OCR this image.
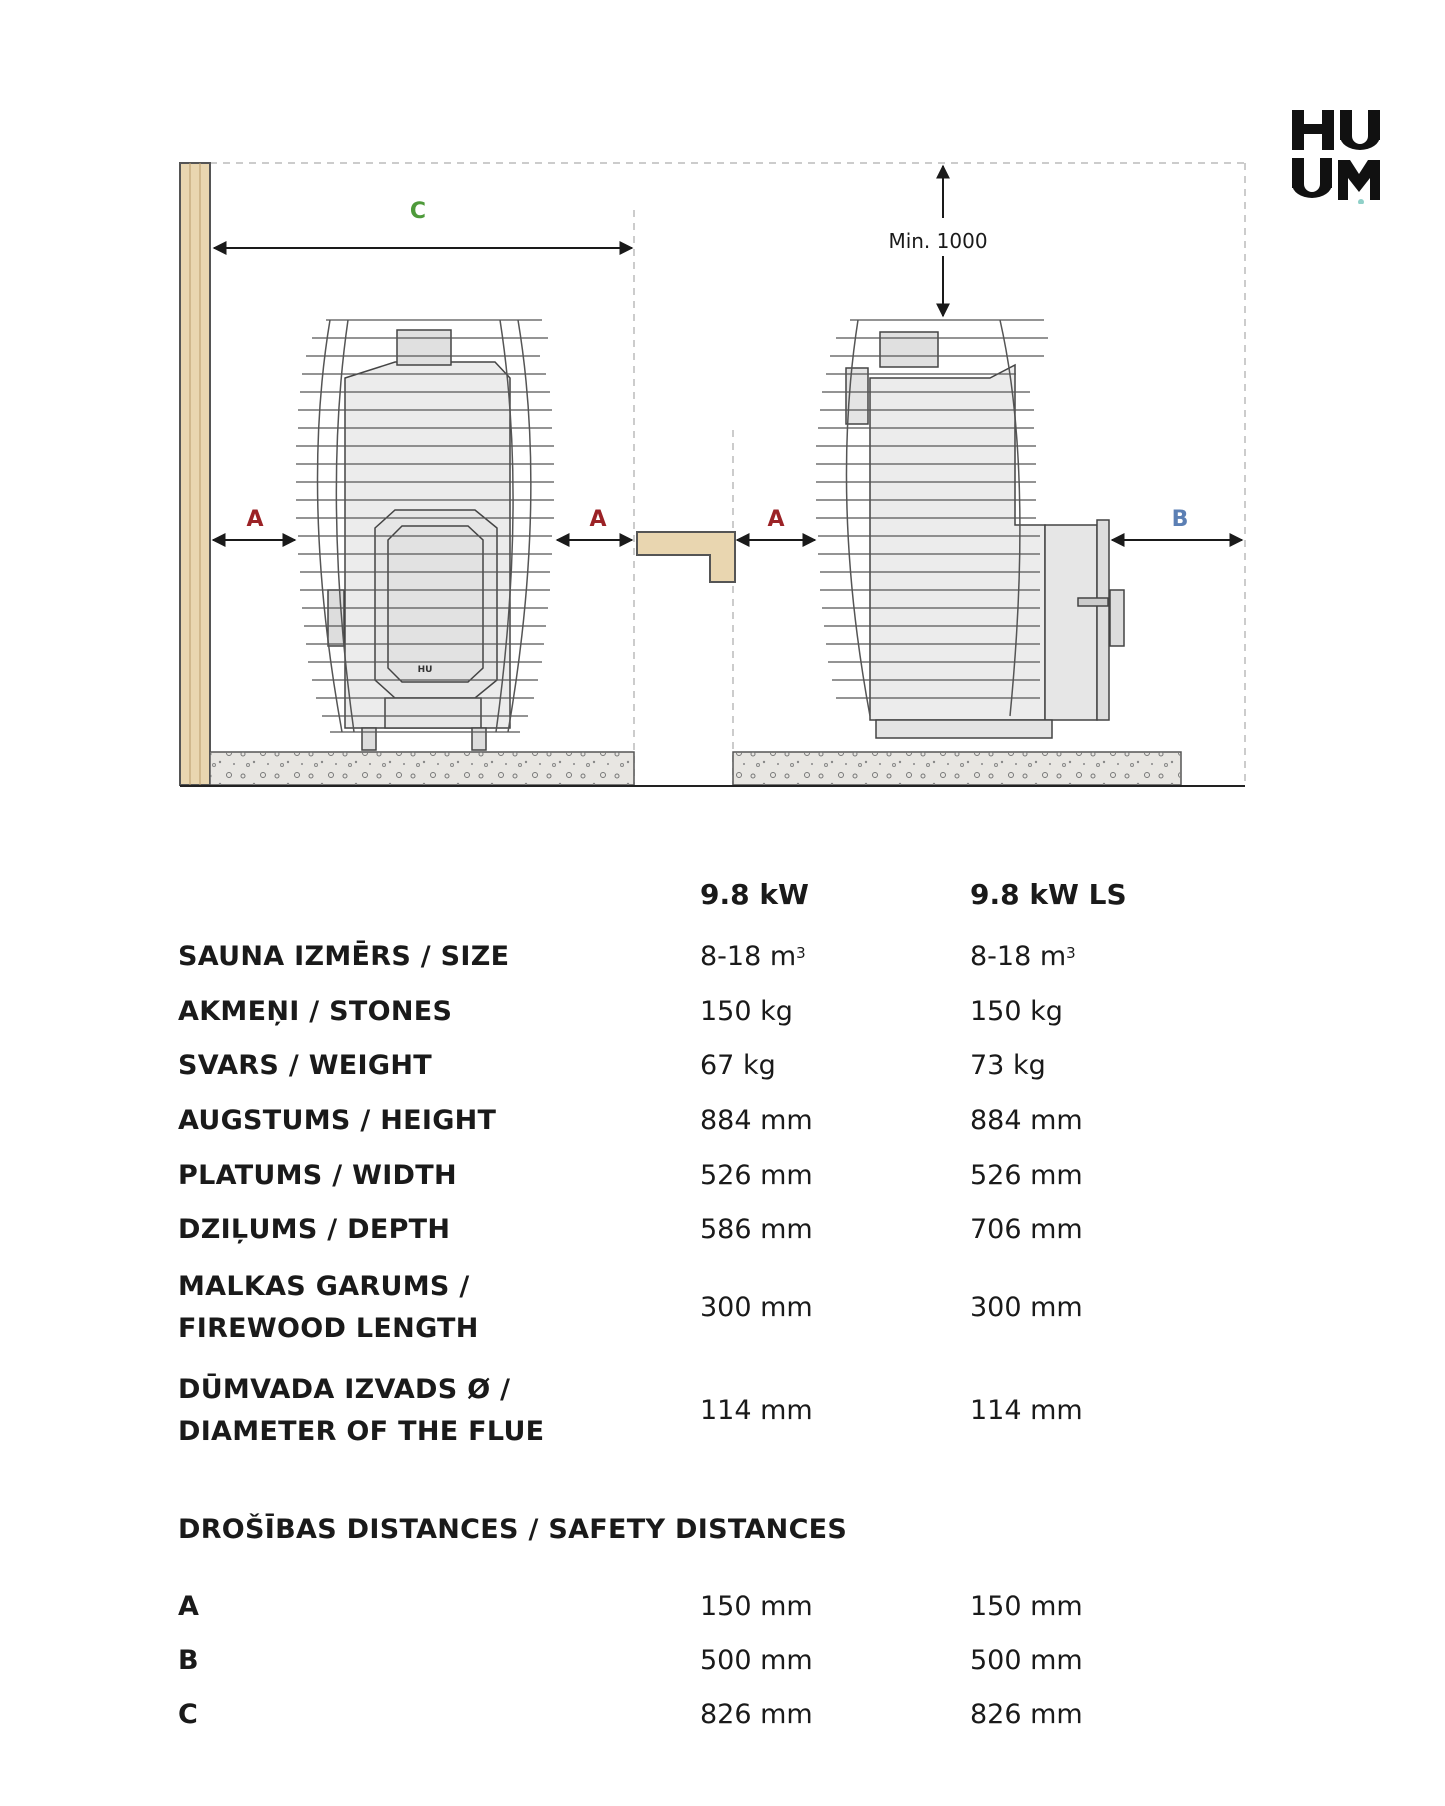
C
Min. 1000
HU
A	A	A	B
9.8 kW	9.8 kW LS
SAUNA IZMĒRS / SIZE	8-18 $m^3$	8-18 $m^3$
AKMEŅI / STONES	150 kg	150 kg
SVARS / WEIGHT	67 kg	73 kg
AUGSTUMS / HEIGHT	884 mm	884 mm
PLATUMS / WIDTH	526 mm	526 mm
DZIĻUMS / DEPTH	586 mm	706 mm
MALKAS GARUMS /
FIREWOOD LENGTH
300 mm	300 mm
DŪMVADA IZVADS Ø /
DIAMETER OF THE FLUE
114 mm	114 mm
DROŠĪBAS DISTANCES / SAFETY DISTANCES
A	150 mm	150 mm
B	500 mm	500 mm
C	826 mm	826 mm
